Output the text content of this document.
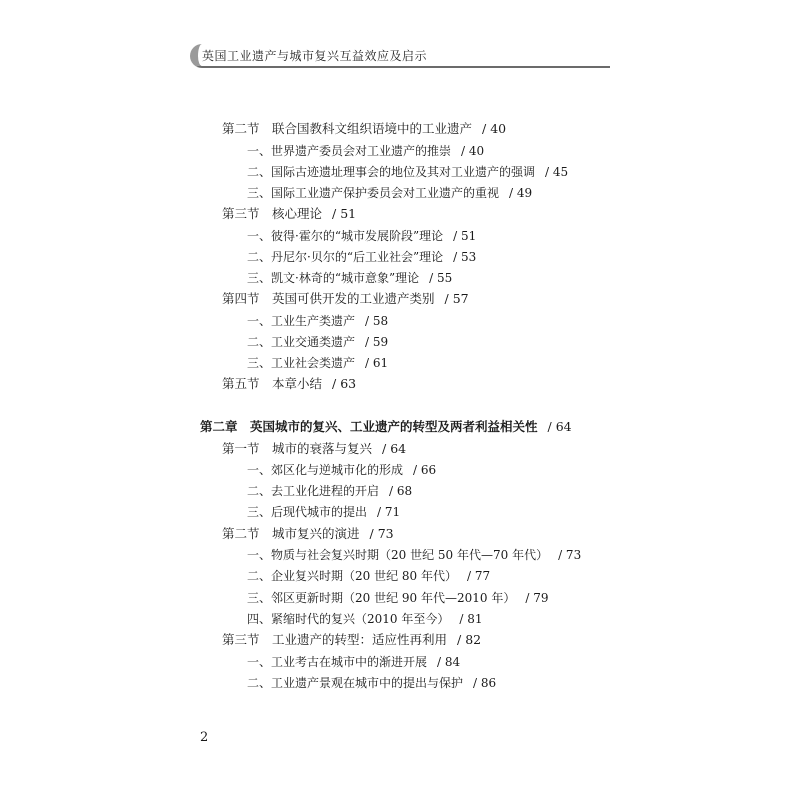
英国工业遗产与城市复兴互益效应及启示
第二节　联合国教科文组织语境中的工业遗产 / 40
一、世界遗产委员会对工业遗产的推崇 / 40
二、国际古迹遗址理事会的地位及其对工业遗产的强调 / 45
三、国际工业遗产保护委员会对工业遗产的重视 / 49
第三节　核心理论 / 51
一、彼得·霍尔的“城市发展阶段”理论 / 51
二、丹尼尔·贝尔的“后工业社会”理论 / 53
三、凯文·林奇的“城市意象”理论 / 55
第四节　英国可供开发的工业遗产类别 / 57
一、工业生产类遗产 / 58
二、工业交通类遗产 / 59
三、工业社会类遗产 / 61
第五节　本章小结 / 63
第二章　英国城市的复兴、工业遗产的转型及两者利益相关性 / 64
第一节　城市的衰落与复兴 / 64
一、郊区化与逆城市化的形成 / 66
二、去工业化进程的开启 / 68
三、后现代城市的提出 / 71
第二节　城市复兴的演进 / 73
一、物质与社会复兴时期（20 世纪 50 年代—70 年代） / 73
二、企业复兴时期（20 世纪 80 年代） / 77
三、邻区更新时期（20 世纪 90 年代—2010 年） / 79
四、紧缩时代的复兴（2010 年至今） / 81
第三节　工业遗产的转型：适应性再利用 / 82
一、工业考古在城市中的渐进开展 / 84
二、工业遗产景观在城市中的提出与保护 / 86
2
